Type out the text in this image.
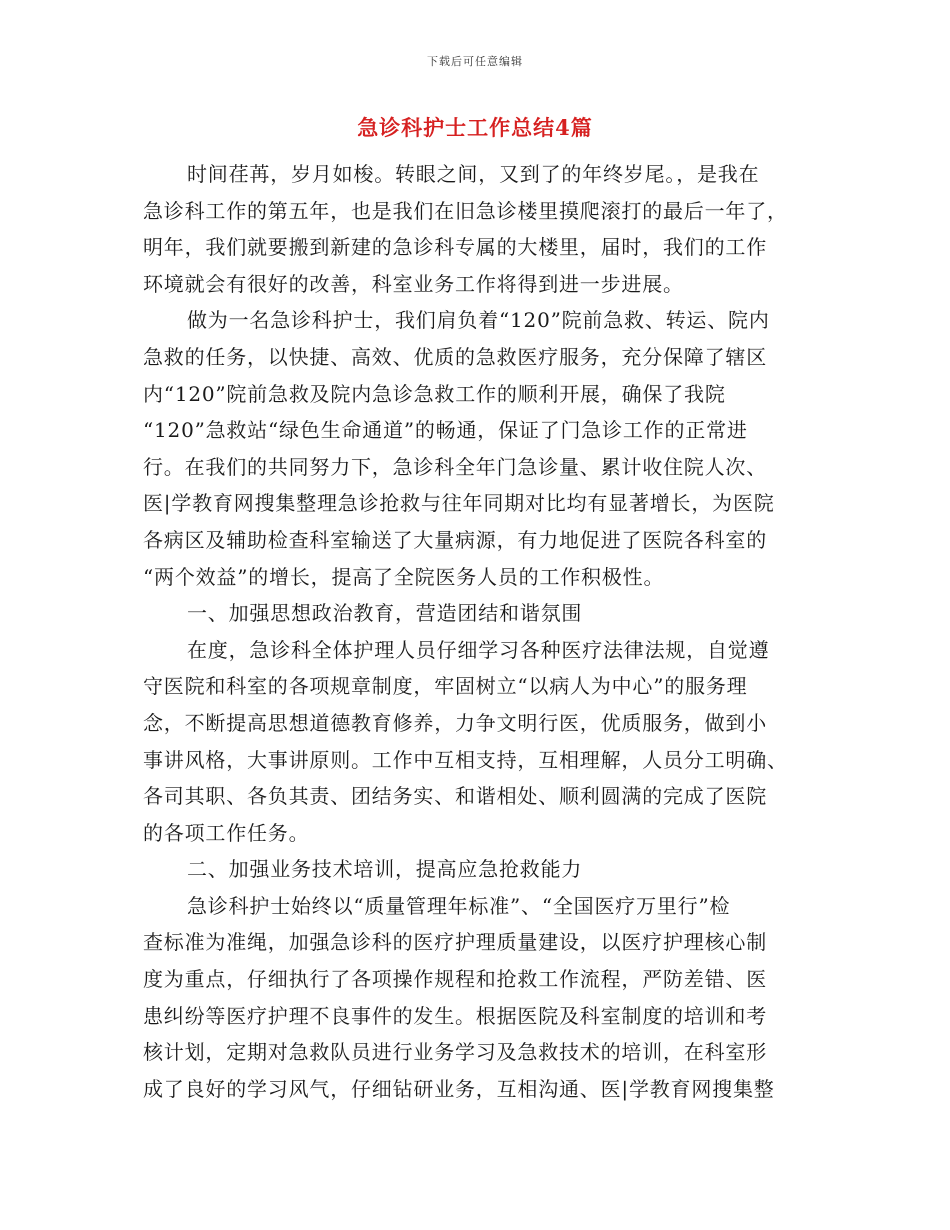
下载后可任意编辑
急诊科护士工作总结4篇
时间荏苒，岁月如梭。转眼之间，又到了的年终岁尾。，是我在
急诊科工作的第五年，也是我们在旧急诊楼里摸爬滚打的最后一年了，
明年，我们就要搬到新建的急诊科专属的大楼里，届时，我们的工作
环境就会有很好的改善，科室业务工作将得到进一步进展。
做为一名急诊科护士，我们肩负着“120”院前急救、转运、院内
急救的任务，以快捷、高效、优质的急救医疗服务，充分保障了辖区
内“120”院前急救及院内急诊急救工作的顺利开展，确保了我院
“120”急救站“绿色生命通道”的畅通，保证了门急诊工作的正常进
行。在我们的共同努力下，急诊科全年门急诊量、累计收住院人次、
医|学教育网搜集整理急诊抢救与往年同期对比均有显著增长，为医院
各病区及辅助检查科室输送了大量病源，有力地促进了医院各科室的
“两个效益”的增长，提高了全院医务人员的工作积极性。
一、加强思想政治教育，营造团结和谐氛围
在度，急诊科全体护理人员仔细学习各种医疗法律法规，自觉遵
守医院和科室的各项规章制度，牢固树立“以病人为中心”的服务理
念，不断提高思想道德教育修养，力争文明行医，优质服务，做到小
事讲风格，大事讲原则。工作中互相支持，互相理解，人员分工明确、
各司其职、各负其责、团结务实、和谐相处、顺利圆满的完成了医院
的各项工作任务。
二、加强业务技术培训，提高应急抢救能力
急诊科护士始终以“质量管理年标准”、“全国医疗万里行”检
查标准为准绳，加强急诊科的医疗护理质量建设，以医疗护理核心制
度为重点，仔细执行了各项操作规程和抢救工作流程，严防差错、医
患纠纷等医疗护理不良事件的发生。根据医院及科室制度的培训和考
核计划，定期对急救队员进行业务学习及急救技术的培训，在科室形
成了良好的学习风气，仔细钻研业务，互相沟通、医|学教育网搜集整
